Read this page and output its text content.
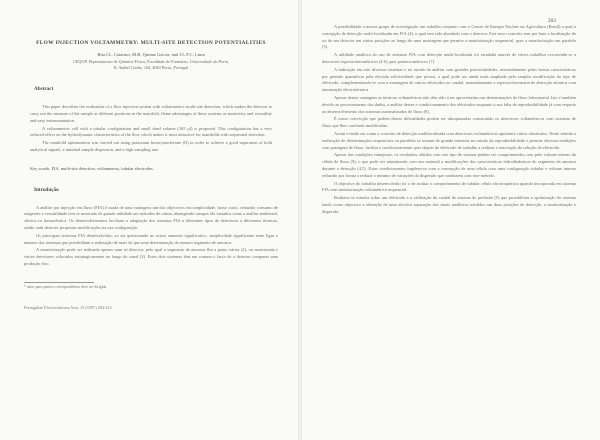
FLOW INJECTION VOLTAMMETRY: MULTI-SITE DETECTION POTENTIALITIES

Rita I.L. Catarino, M.B. Quinaz Garcia, and J.L.F.C. Lima

CEQUP, Departamento de Química-Física, Faculdade de Farmácia, Universidade do Porto,

R. Aníbal Cunha, 164, 4050 Porto, Portugal

Abstract

This paper describes the evaluation of a flow injection system with voltammetric multi-site detection, which makes the detector to carry out the measure of the sample at different positions in the manifold, flame advantages of these systems as sensitivity and versatility and easy instrumentation.

A voltammetric cell with a tubular configuration and small dead volume (165 µl) is proposed. This configuration has a very reduced effect on the hydrodynamic characteristics of the flow which makes it most attractive for manifolds with sequential detection.

The manifold optimization was carried out using potassium hexacyanoferrate (II) in order to achieve a good separation of both analytical signals, a minimal sample dispersion, and a high sampling rate.

Key words: FIA, multi-site detection, voltammetry, tubular electrodes.

Introdução

A análise por injecção em fluxo (FIA) é usada de uma vantagens um dos objectivos era simplicidade, baixo custo, reduzido consumo de reagentes e versatilidade tem se mostrado de grande utilidade aos métodos de rotina, abrangendo campos tão variados como a análise ambiental, clínica ou farmacêutica. Os desenvolvimentos facilitam a adaptação dos sistemas FIA a diferentes tipos de detectores a diferentes técnicas, sendo cada detector propostas modificações na sua configuração.

Os principais sistemas FIA desenvolvidos, ao ser questionado no nosso aumento significativo, simplicidade significante entre ligar o número dos sistemas que possibilitam a realização de mais do que uma determinação do mesmo segmento de amostra.

A monitorização pode ser realizada apenas num só detector, pelo qual a segmento de amostra flui a passo várias (2), ou monitorada e vários detectores colocados estrategicamente no longo do canal (3). Estes dois sistemas têm em comum o facto de o detector comparar uma produção fixo.

* autor para quem a correspondência deve ser dirigida

Portugaliae Electrochimica Acta, 15 (1997) 203-212
203

A possibilidade a nossos grupo de investigação um trabalho conjunto com o Centro de Energia Nuclear na Agricultura (Brasil) a qual a concepção de detecção multi-localizada em FIA (4), o qual tem sido abordado com o detector. Este novo conceito tem por base a localização do ou de um detector em várias posições ao longo de uma montagem que permite a monitorização sequencial, quer a monitorização em paralelo (5).

A utilidade analítica do uso de sistemas FIA com detecção multi-localizada foi estudada através de vários trabalhos recorrendo-se a detectores espectrofotométricos (4-6) quer potenciométricos (7).

A indicação em este diversos sistemas e no estudo da análise com grandes potencialidades, nomeadamente pelas baixas características por permite quantificar pela elevada selectividade que possui, a qual pode ser ainda mais ampliada pela simples modificação do tipo de eléctrodo, complementando-se com a montagem de outros eléctrodos no caudal, nomeadamente a espectrofotometria de absorção atómica com atomização electrotérmica.

Apesar destas vantagens as técnicas voltamétricas não têm sido a ser aproveitadas nas determinações de fluxo laboratorial. Isto é também devido ao processamento dos dados, a análise destes e condicionamento dos eléctrodos enquanto a sua falta de reprodutibilidade já com respeito ao desenvolvimento dos sistemas automatizados de fluxo (8).

É nosso convicção que podem destes dificuldades podem ser ultrapassadas construindo os detectores voltamétricos com sistemas de fluxo que lhes conferem modificadas.

Assim e tendo em conta o conceito de detecção multilocalizada com detectores voltamétricos apresenta vários obstáculos. Neste sentido a realização de determinações sequenciais ou paralelas se tornam de grande interesse no estudo da reprodutibilidade e permite efectuar medições com passagem de fluxo, facilita o condicionamento quer depois de eléctrodo de trabalho a realizar a renovação da solução de eléctrodo.

Apesar das condições vantajosas, os resultados obtidos com este tipo de sistema podem ser comprometidos com pelo volume interno da célula de fluxo (9), o que pode ser minimizado com um material a modificações das características hidrodinâmicas do segmento da amostra durante a detecção (4,5). Estas condicionantes impõem-se com a concepção de uma célula com uma configuração tubular e volume interno reduzido por forma a reduzir o mínimo de variações da dispersão que conduzem com este método.

O objectivo do trabalho desenvolvido foi o de avaliar o comportamento de tubular célula electroquímica quando incorporada em sistema FIA com monitorização voltamétrica sequencial.

Realizou-se estudos sobre um eléctrodo e a calibração do caudal do sistema de perfusão (5) que possibilitou a optimização do sistema tendo como objectivo a obtenção de uma efectiva separação dos sinais analíticos medidos nas duas posições de detecção, a monitorização e dispersão
